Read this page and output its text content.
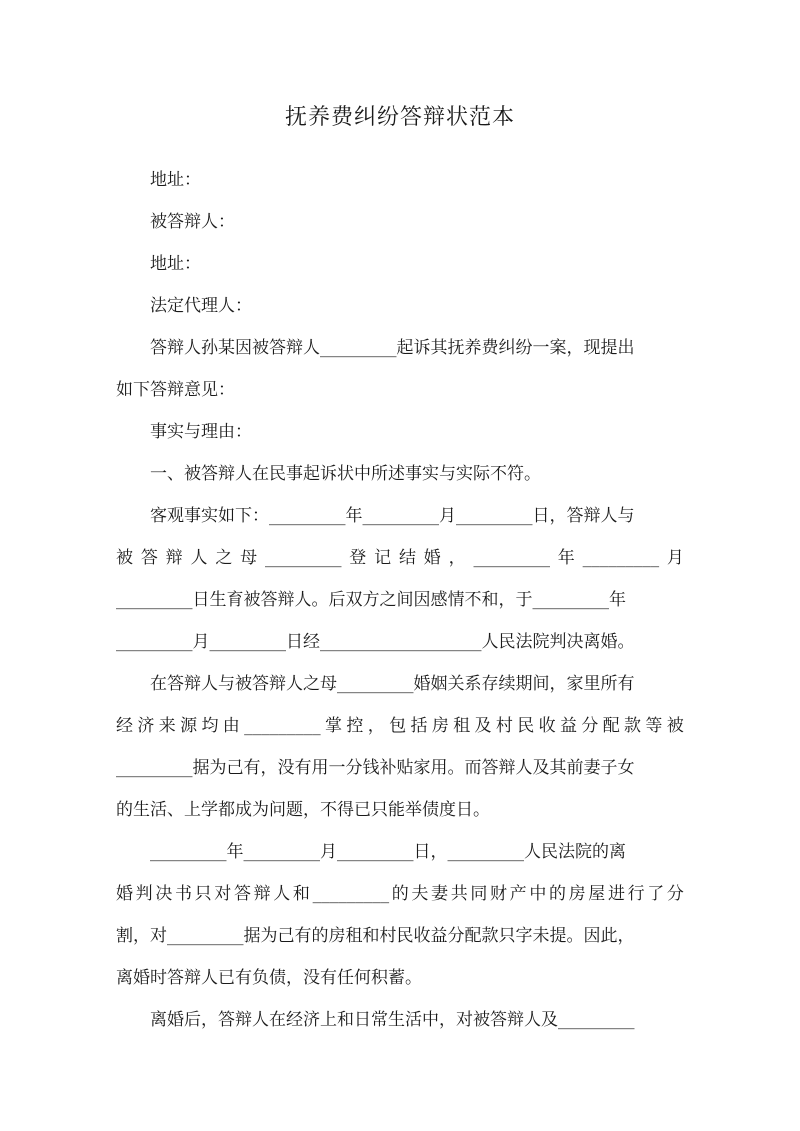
抚养费纠纷答辩状范本

地址：

被答辩人：

地址：

法定代理人：

答辩人孙某因被答辩人_________起诉其抚养费纠纷一案，现提出

如下答辩意见：

事实与理由：

一、被答辩人在民事起诉状中所述事实与实际不符。

客观事实如下：_________年_________月_________日，答辩人与

被 答 辩 人 之 母 _________ 登 记 结 婚 ， _________ 年 _________ 月

_________日生育被答辩人。后双方之间因感情不和，于_________年

_________月_________日经___________________人民法院判决离婚。

在答辩人与被答辩人之母_________婚姻关系存续期间，家里所有

经 济 来 源 均 由 _________ 掌 控 ， 包 括 房 租 及 村 民 收 益 分 配 款 等 被

_________据为己有，没有用一分钱补贴家用。而答辩人及其前妻子女

的生活、上学都成为问题，不得已只能举债度日。

_________年_________月_________日，_________人民法院的离

婚 判 决 书 只 对 答 辩 人 和 _________ 的 夫 妻 共 同 财 产 中 的 房 屋 进 行 了 分

割，对_________据为己有的房租和村民收益分配款只字未提。因此，

离婚时答辩人已有负债，没有任何积蓄。

离婚后，答辩人在经济上和日常生活中，对被答辩人及_________
